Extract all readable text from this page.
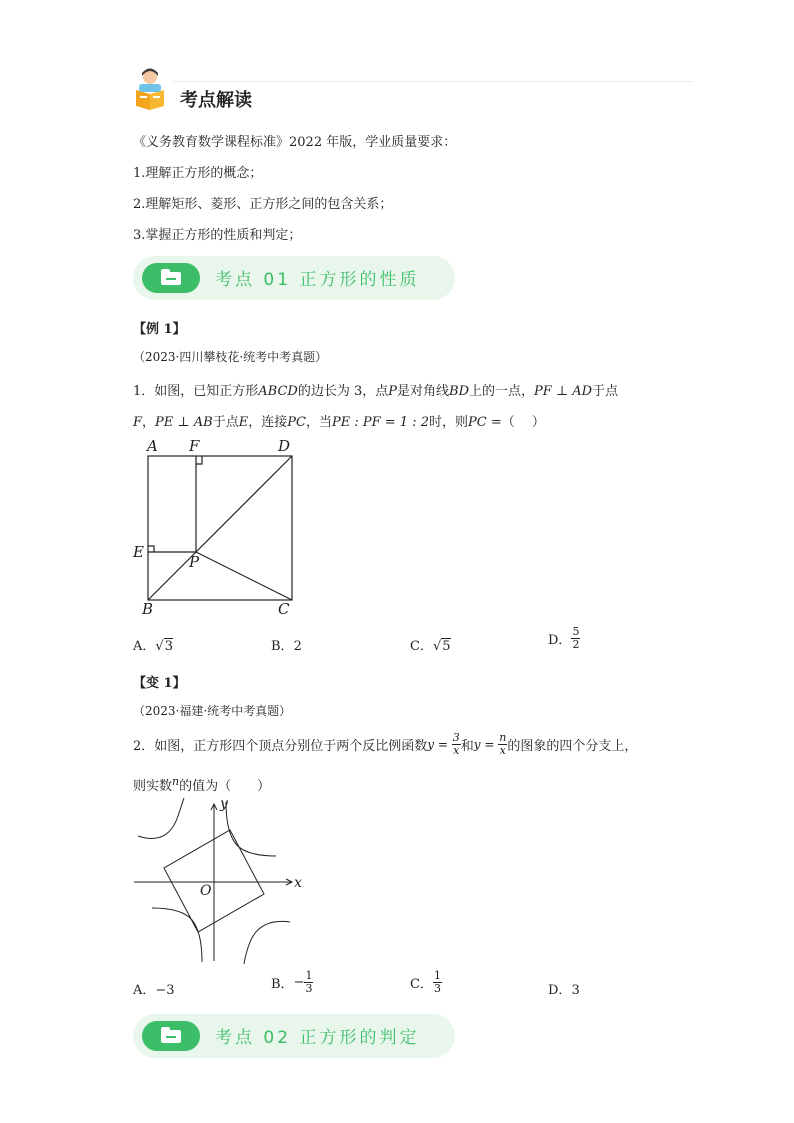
考点解读
《义务教育数学课程标准》2022 年版，学业质量要求：
1.理解正方形的概念；
2.理解矩形、菱形、正方形之间的包含关系；
3.掌握正方形的性质和判定；
考点 01 正方形的性质
【例 1】
（2023·四川攀枝花·统考中考真题）
1．如图，已知正方形ABCD的边长为 3，点P是对角线BD上的一点，PF ⊥ AD于点
F，PE ⊥ AB于点E，连接PC，当PE : PF = 1 : 2时，则PC =（　 ）
A F	D
E
P
B	C
A．√3	B．2	C．√5	D． $\frac{5}{2}$
【变 1】
（2023·福建·统考中考真题）
2．如图，正方形四个顶点分别位于两个反比例函数$y = \frac{3}{x}$ 和$y = \frac{n}{x}$ 的图象的四个分支上，
则实数$^n$的值为（　　）
x
y
O
A．−3	B．− $\frac{1}{3}$	C． $\frac{1}{3}$	D．3
考点 02 正方形的判定
